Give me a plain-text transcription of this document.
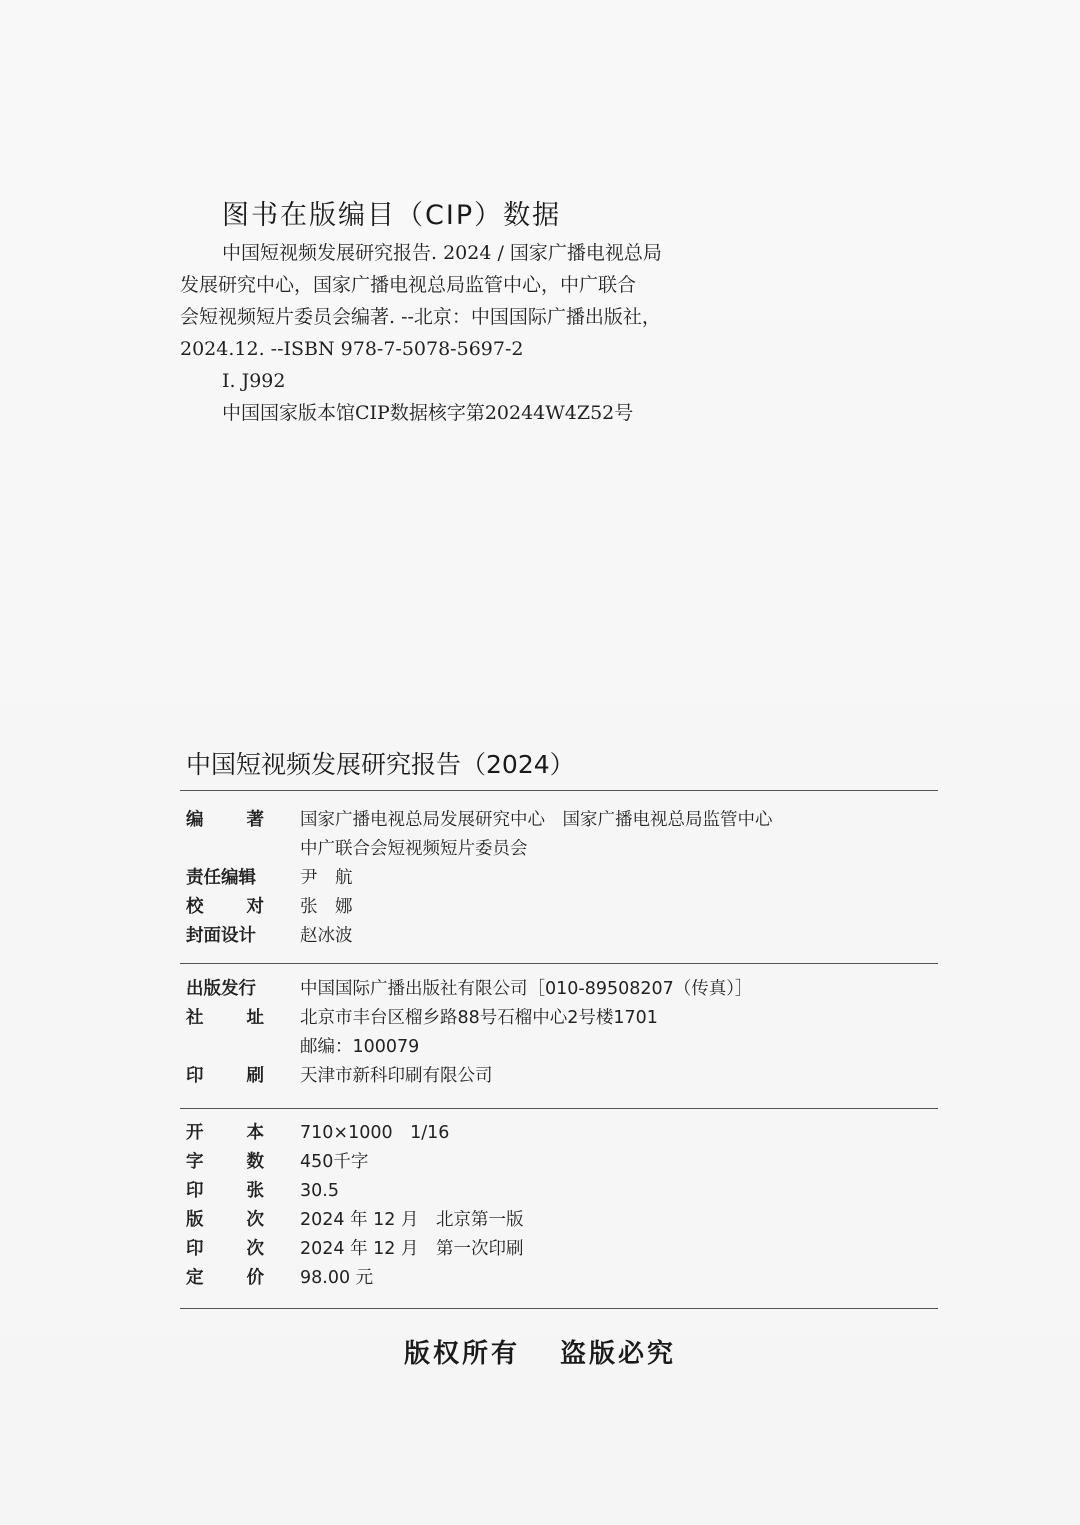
图书在版编目（CIP）数据
中国短视频发展研究报告. 2024 / 国家广播电视总局
发展研究中心，国家广播电视总局监管中心，中广联合
会短视频短片委员会编著. --北京：中国国际广播出版社，
2024.12. --ISBN 978-7-5078-5697-2
Ⅰ. J992
中国国家版本馆CIP数据核字第20244W4Z52号
中国短视频发展研究报告（2024）
编 著 国家广播电视总局发展研究中心　国家广播电视总局监管中心
中广联合会短视频短片委员会
责任编辑	尹　航
校 对 张　娜
封面设计	赵冰波
出版发行	中国国际广播出版社有限公司［010-89508207（传真）］
社 址 北京市丰台区榴乡路88号石榴中心2号楼1701
邮编：100079
印 刷 天津市新科印刷有限公司
开 本 710×1000　1/16
字 数 450千字
印 张 30.5
版 次 2024 年 12 月　北京第一版
印 次 2024 年 12 月　第一次印刷
定 价 98.00 元
版权所有 盗版必究
